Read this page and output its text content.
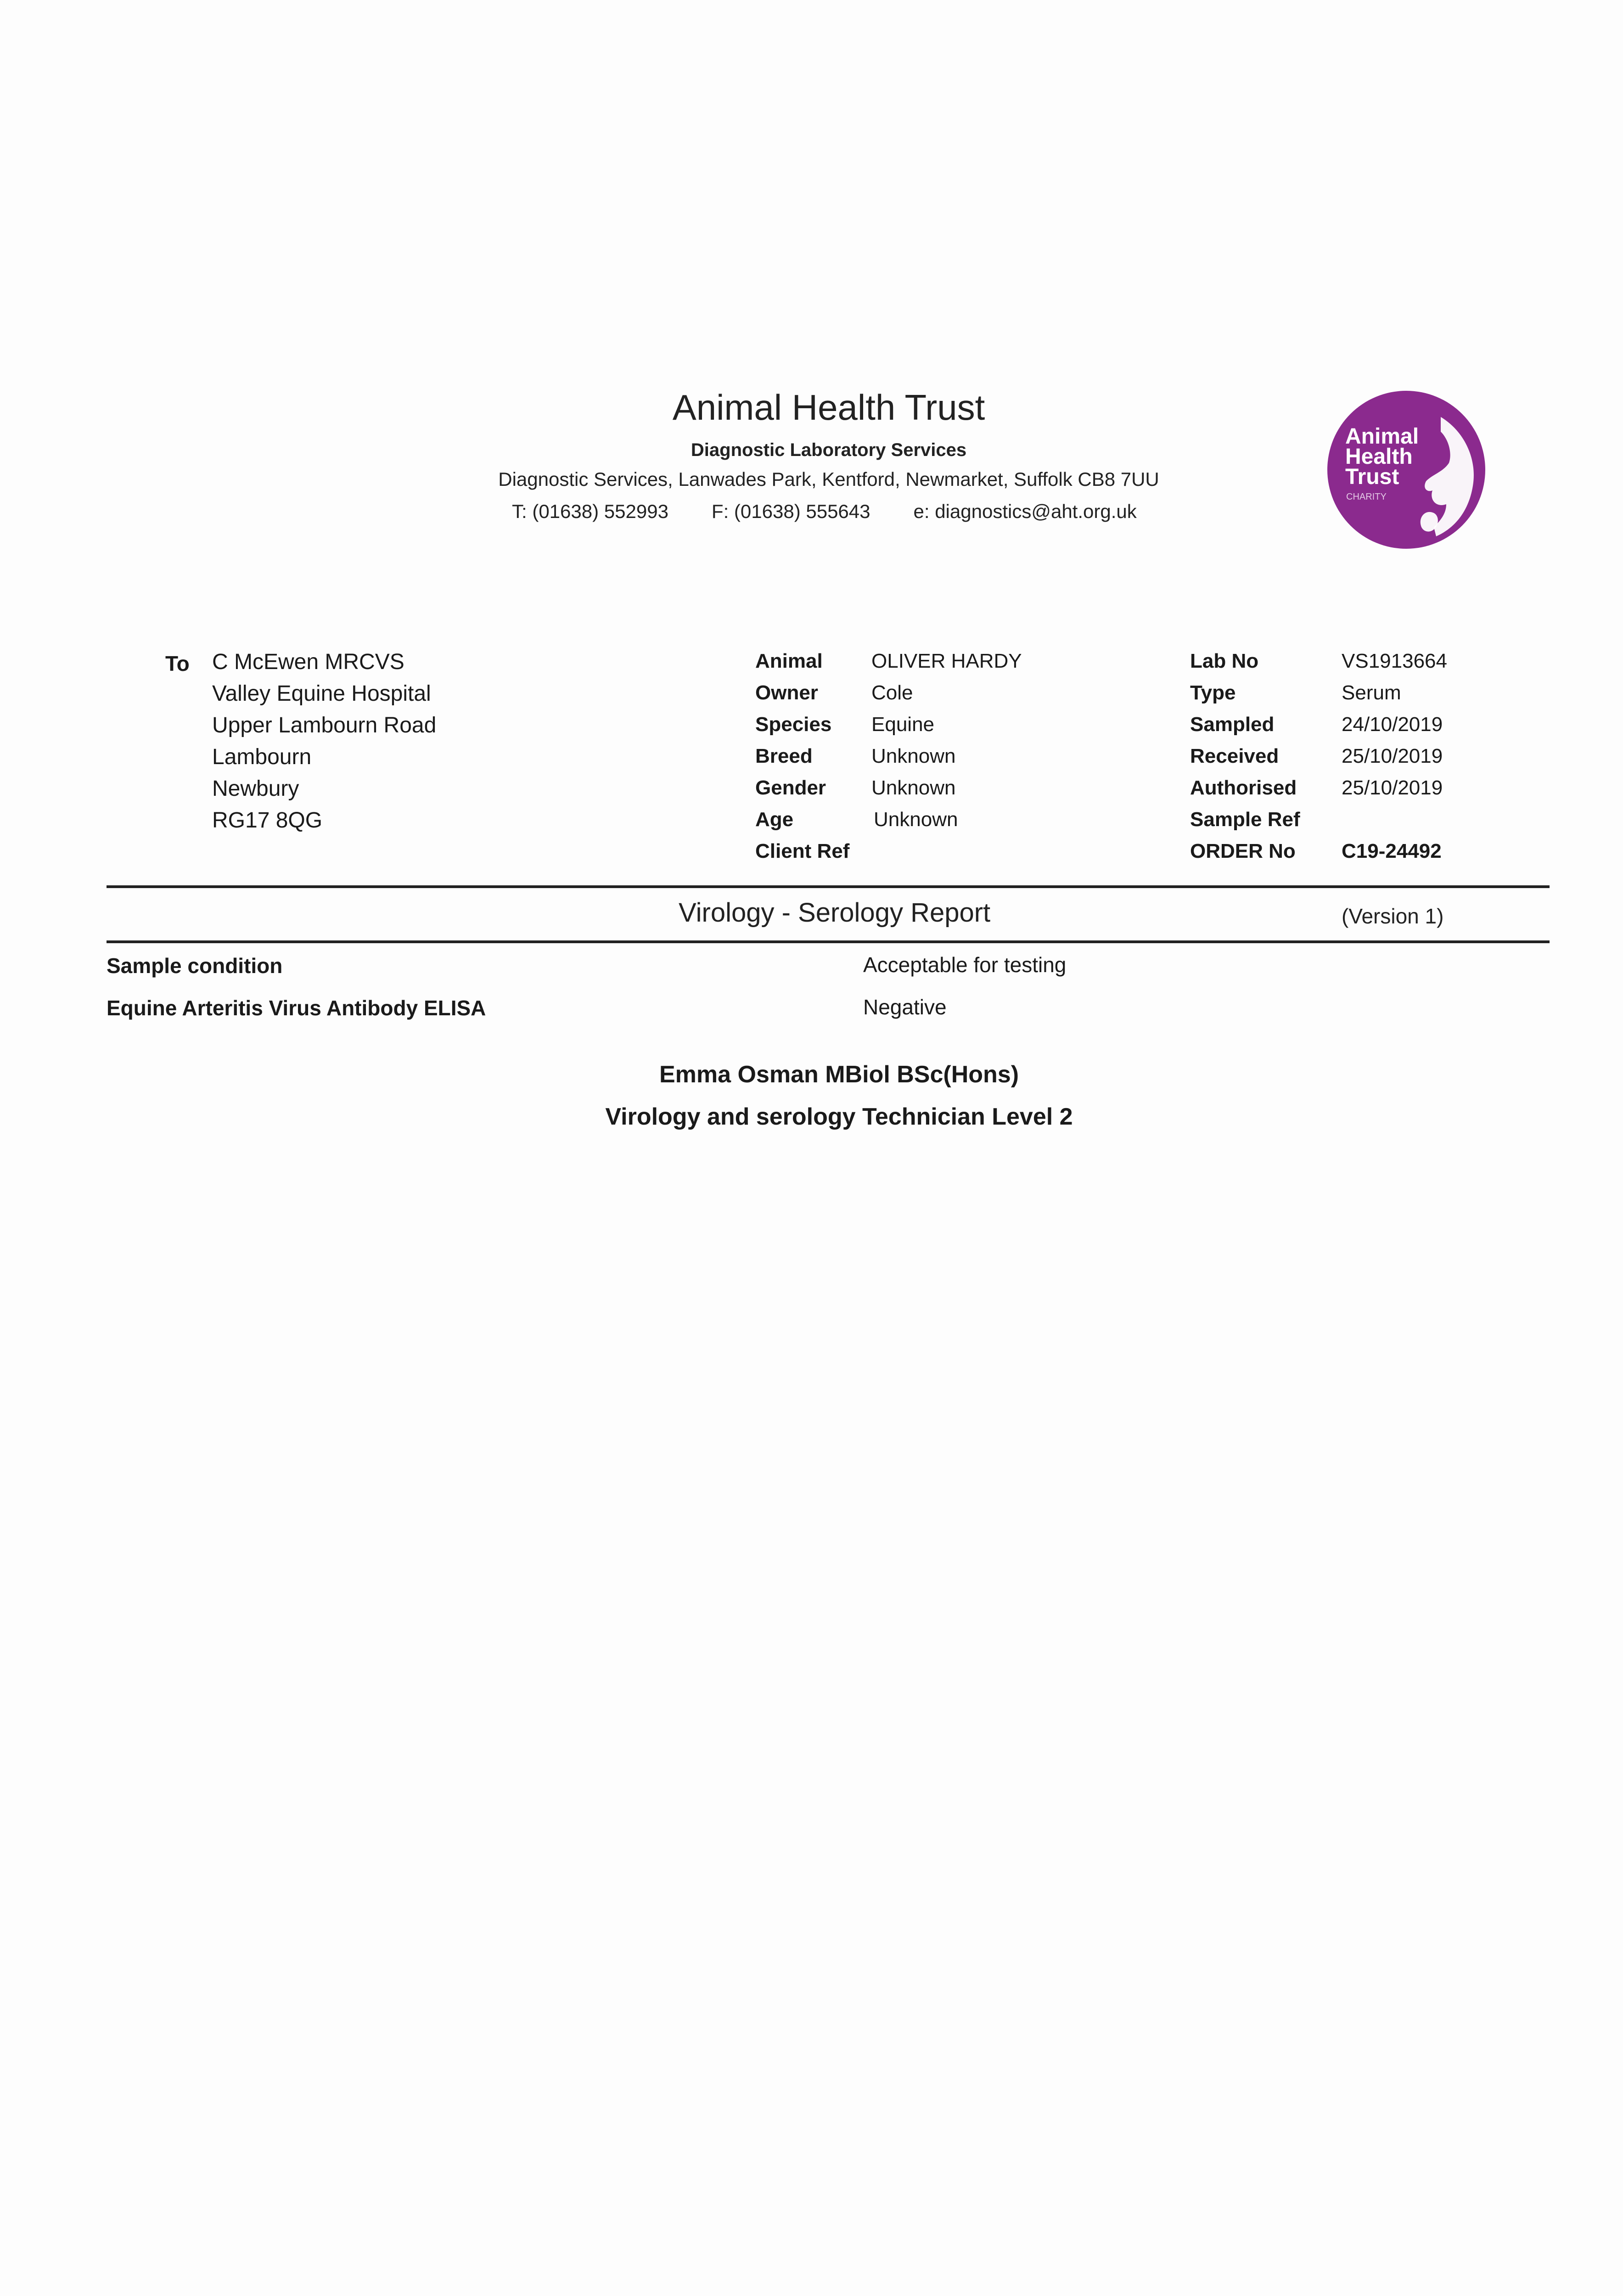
Animal Health Trust
Diagnostic Laboratory Services
Diagnostic Services, Lanwades Park, Kentford, Newmarket, Suffolk CB8 7UU
T: (01638) 552993 F: (01638) 555643 e: diagnostics@aht.org.uk
Animal
Health
Trust
CHARITY
To C McEwen MRCVS
Valley Equine Hospital
Upper Lambourn Road
Lambourn
Newbury
RG17 8QG
Animal OLIVER HARDY
Owner	Cole
Species Equine
Breed	Unknown
Gender Unknown
Age	Unknown
Client Ref
Lab No	VS1913664
Type	Serum
Sampled	24/10/2019
Received	25/10/2019
Authorised 25/10/2019
Sample Ref
ORDER No C19-24492
Virology - Serology Report	(Version 1)
Sample condition	Acceptable for testing
Equine Arteritis Virus Antibody ELISA	Negative
Emma Osman MBiol BSc(Hons)
Virology and serology Technician Level 2
